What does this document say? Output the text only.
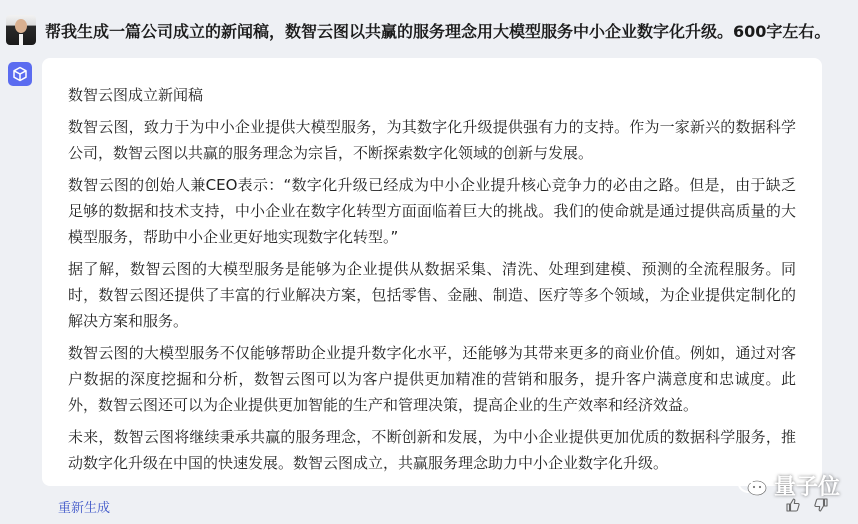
帮我生成一篇公司成立的新闻稿，数智云图以共赢的服务理念用大模型服务中小企业数字化升级。600字左右。

数智云图成立新闻稿

数智云图，致力于为中小企业提供大模型服务，为其数字化升级提供强有力的支持。作为一家新兴的数据科学公司，数智云图以共赢的服务理念为宗旨，不断探索数字化领域的创新与发展。

数智云图的创始人兼CEO表示：“数字化升级已经成为中小企业提升核心竞争力的必由之路。但是，由于缺乏足够的数据和技术支持，中小企业在数字化转型方面面临着巨大的挑战。我们的使命就是通过提供高质量的大模型服务，帮助中小企业更好地实现数字化转型。”

据了解，数智云图的大模型服务是能够为企业提供从数据采集、清洗、处理到建模、预测的全流程服务。同时，数智云图还提供了丰富的行业解决方案，包括零售、金融、制造、医疗等多个领域，为企业提供定制化的解决方案和服务。

数智云图的大模型服务不仅能够帮助企业提升数字化水平，还能够为其带来更多的商业价值。例如，通过对客户数据的深度挖掘和分析，数智云图可以为客户提供更加精准的营销和服务，提升客户满意度和忠诚度。此外，数智云图还可以为企业提供更加智能的生产和管理决策，提高企业的生产效率和经济效益。

未来，数智云图将继续秉承共赢的服务理念，不断创新和发展，为中小企业提供更加优质的数据科学服务，推动数字化升级在中国的快速发展。数智云图成立，共赢服务理念助力中小企业数字化升级。

重新生成
量子位
